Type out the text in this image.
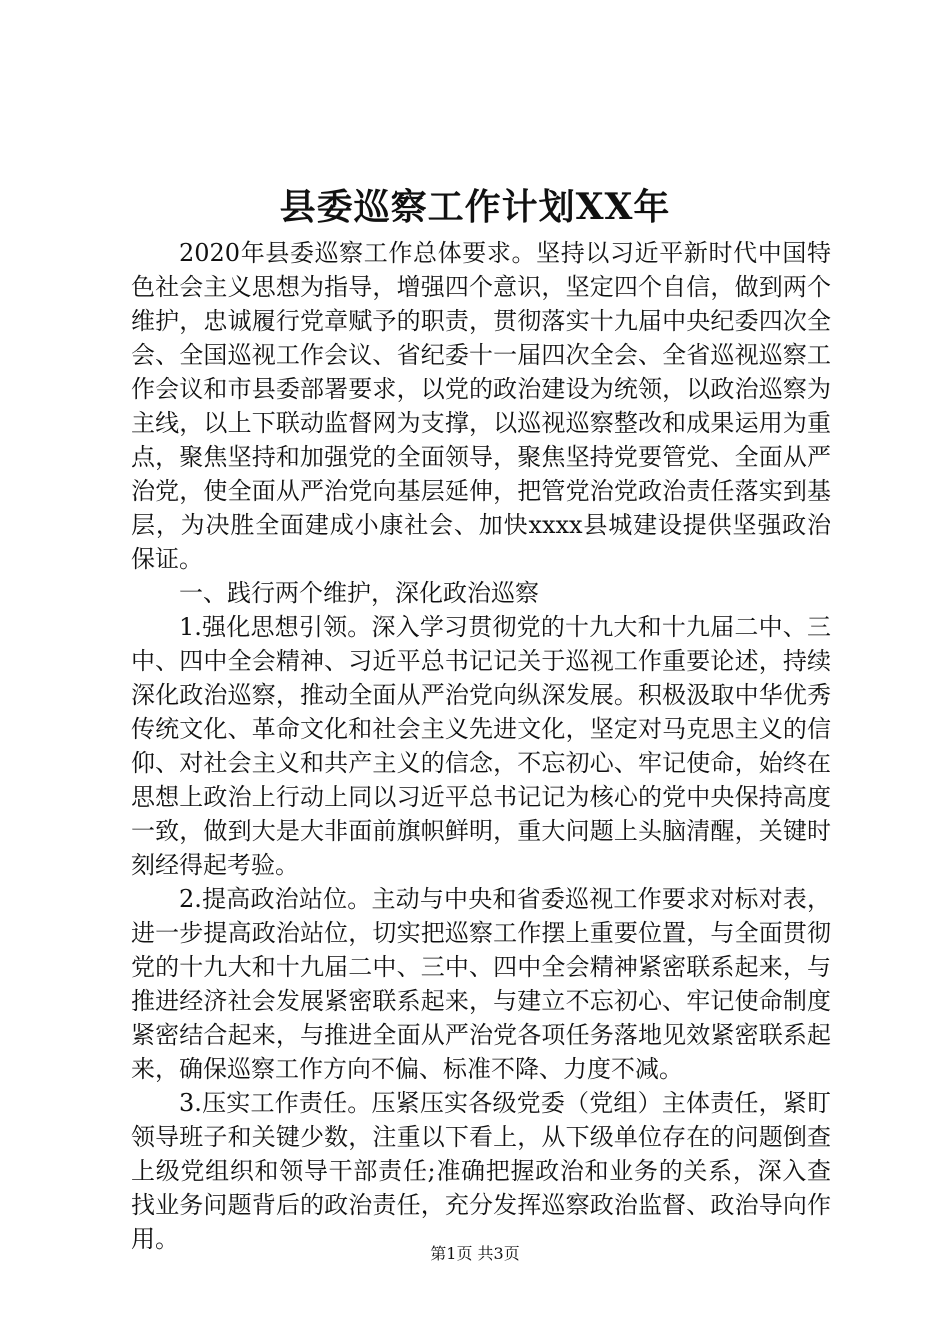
县委巡察工作计划XX年

2020年县委巡察工作总体要求。坚持以习近平新时代中国特色社会主义思想为指导，增强四个意识，坚定四个自信，做到两个维护，忠诚履行党章赋予的职责，贯彻落实十九届中央纪委四次全会、全国巡视工作会议、省纪委十一届四次全会、全省巡视巡察工作会议和市县委部署要求，以党的政治建设为统领，以政治巡察为主线，以上下联动监督网为支撑，以巡视巡察整改和成果运用为重点，聚焦坚持和加强党的全面领导，聚焦坚持党要管党、全面从严治党，使全面从严治党向基层延伸，把管党治党政治责任落实到基层，为决胜全面建成小康社会、加快xxxx县城建设提供坚强政治保证。

一、践行两个维护，深化政治巡察

1.强化思想引领。深入学习贯彻党的十九大和十九届二中、三中、四中全会精神、习近平总书记记关于巡视工作重要论述，持续深化政治巡察，推动全面从严治党向纵深发展。积极汲取中华优秀传统文化、革命文化和社会主义先进文化，坚定对马克思主义的信仰、对社会主义和共产主义的信念，不忘初心、牢记使命，始终在思想上政治上行动上同以习近平总书记记为核心的党中央保持高度一致，做到大是大非面前旗帜鲜明，重大问题上头脑清醒，关键时刻经得起考验。

2.提高政治站位。主动与中央和省委巡视工作要求对标对表，进一步提高政治站位，切实把巡察工作摆上重要位置，与全面贯彻党的十九大和十九届二中、三中、四中全会精神紧密联系起来，与推进经济社会发展紧密联系起来，与建立不忘初心、牢记使命制度紧密结合起来，与推进全面从严治党各项任务落地见效紧密联系起来，确保巡察工作方向不偏、标准不降、力度不减。

3.压实工作责任。压紧压实各级党委（党组）主体责任，紧盯领导班子和关键少数，注重以下看上，从下级单位存在的问题倒查上级党组织和领导干部责任;准确把握政治和业务的关系，深入查找业务问题背后的政治责任，充分发挥巡察政治监督、政治导向作用。

第1页 共3页
